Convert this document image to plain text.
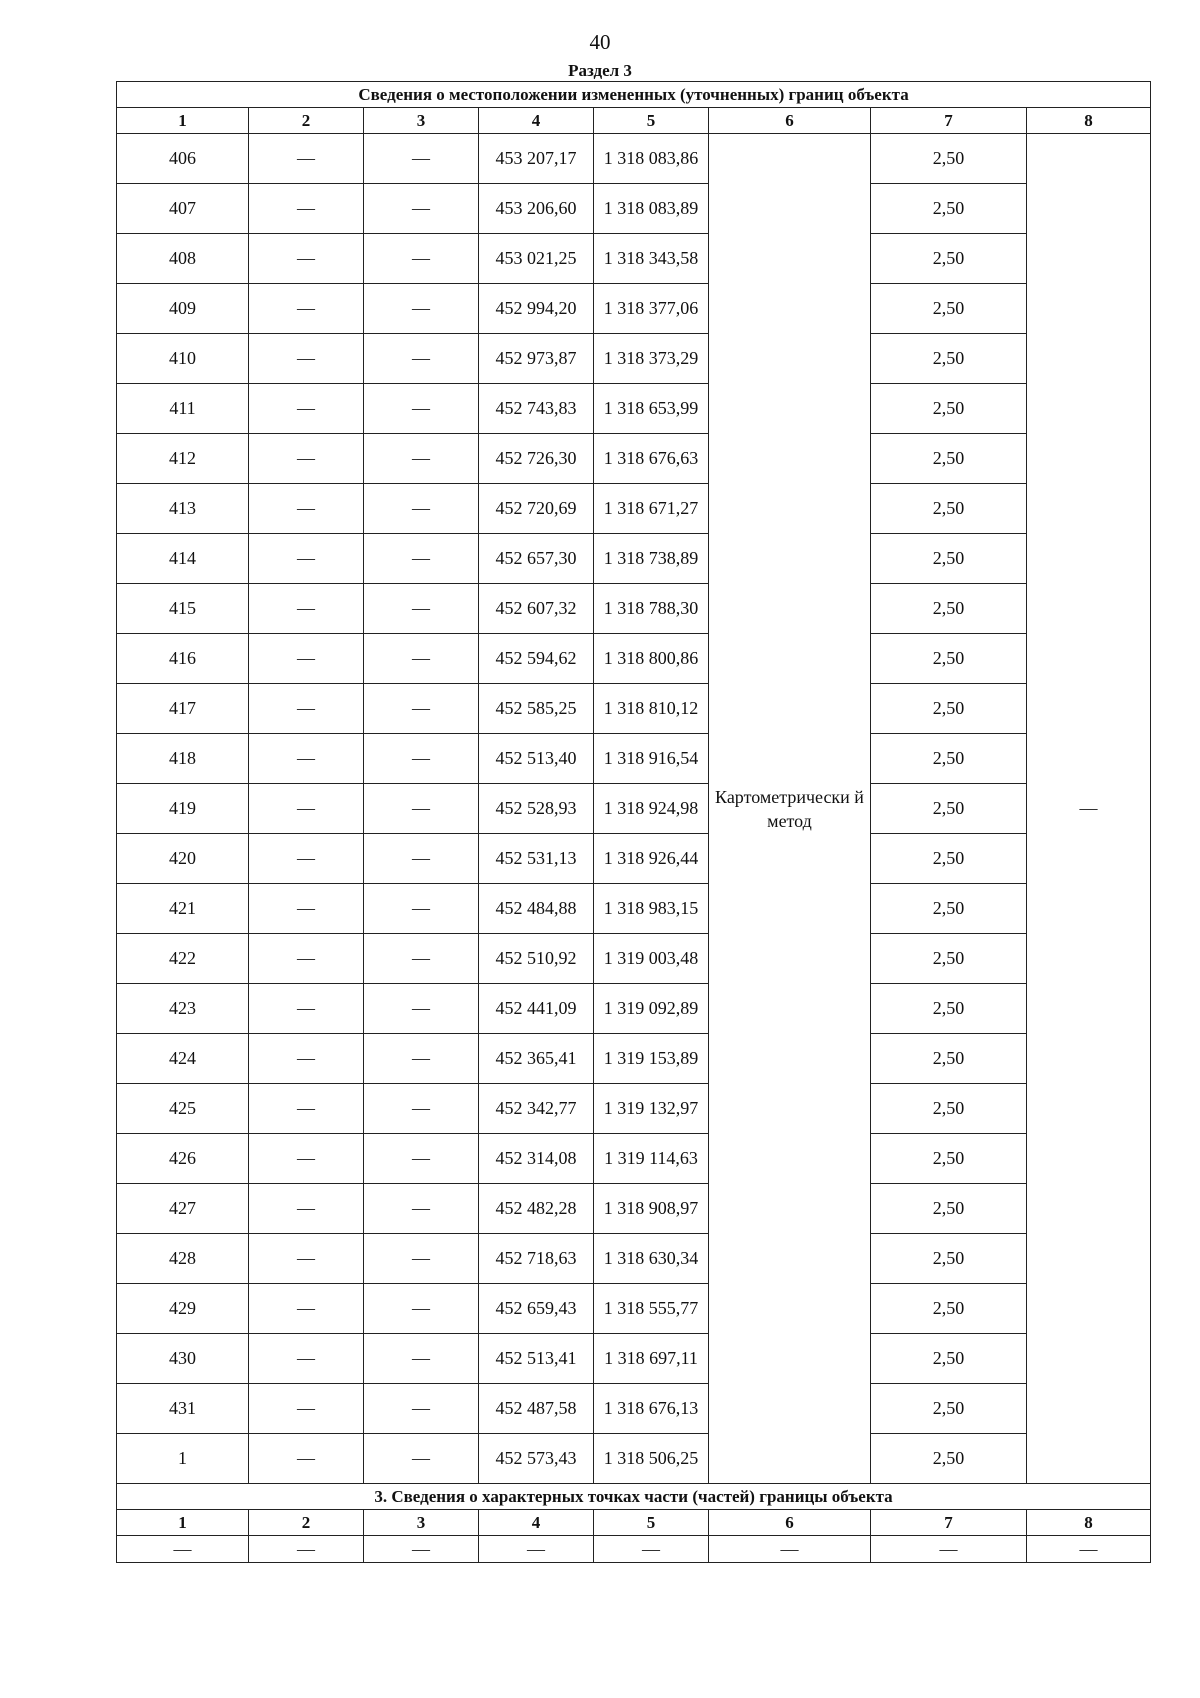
40
Раздел 3
Сведения о местоположении измененных (уточненных) границ объекта							
1	2	3	4	5	6	7	8
406	—	—	453 207,17	1 318 083,86	Картометрически й метод	2,50	—
407	—	—	453 206,60	1 318 083,89		2,50	
408	—	—	453 021,25	1 318 343,58		2,50	
409	—	—	452 994,20	1 318 377,06		2,50	
410	—	—	452 973,87	1 318 373,29		2,50	
411	—	—	452 743,83	1 318 653,99		2,50	
412	—	—	452 726,30	1 318 676,63		2,50	
413	—	—	452 720,69	1 318 671,27		2,50	
414	—	—	452 657,30	1 318 738,89		2,50	
415	—	—	452 607,32	1 318 788,30		2,50	
416	—	—	452 594,62	1 318 800,86		2,50	
417	—	—	452 585,25	1 318 810,12		2,50	
418	—	—	452 513,40	1 318 916,54		2,50	
419	—	—	452 528,93	1 318 924,98		2,50	
420	—	—	452 531,13	1 318 926,44		2,50	
421	—	—	452 484,88	1 318 983,15		2,50	
422	—	—	452 510,92	1 319 003,48		2,50	
423	—	—	452 441,09	1 319 092,89		2,50	
424	—	—	452 365,41	1 319 153,89		2,50	
425	—	—	452 342,77	1 319 132,97		2,50	
426	—	—	452 314,08	1 319 114,63		2,50	
427	—	—	452 482,28	1 318 908,97		2,50	
428	—	—	452 718,63	1 318 630,34		2,50	
429	—	—	452 659,43	1 318 555,77		2,50	
430	—	—	452 513,41	1 318 697,11		2,50	
431	—	—	452 487,58	1 318 676,13		2,50	
1	—	—	452 573,43	1 318 506,25		2,50	
3. Сведения о характерных точках части (частей) границы объекта							
1	2	3	4	5	6	7	8
—	—	—	—	—	—	—	—
